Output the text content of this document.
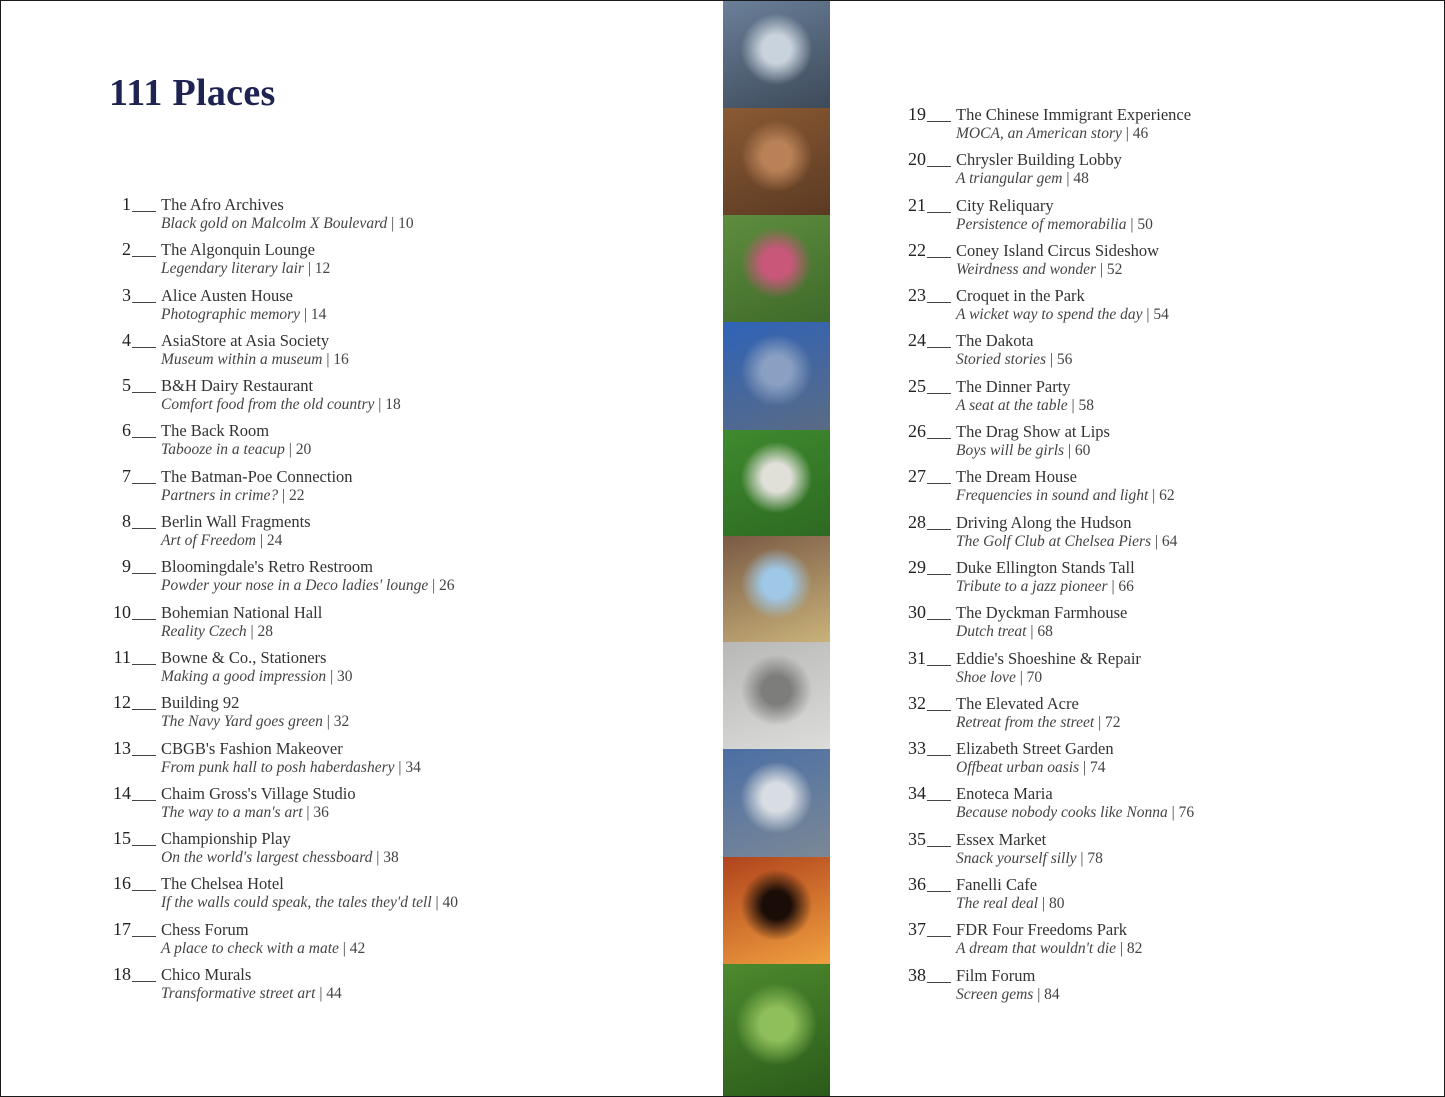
111 Places
1 The Afro Archives
Black gold on Malcolm X Boulevard | 10
2 The Algonquin Lounge
Legendary literary lair | 12
3 Alice Austen House
Photographic memory | 14
4 AsiaStore at Asia Society
Museum within a museum | 16
5 B&H Dairy Restaurant
Comfort food from the old country | 18
6 The Back Room
Tabooze in a teacup | 20
7 The Batman-Poe Connection
Partners in crime? | 22
8 Berlin Wall Fragments
Art of Freedom | 24
9 Bloomingdale's Retro Restroom
Powder your nose in a Deco ladies' lounge | 26
10 Bohemian National Hall
Reality Czech | 28
11 Bowne & Co., Stationers
Making a good impression | 30
12 Building 92
The Navy Yard goes green | 32
13 CBGB's Fashion Makeover
From punk hall to posh haberdashery | 34
14 Chaim Gross's Village Studio
The way to a man's art | 36
15 Championship Play
On the world's largest chessboard | 38
16 The Chelsea Hotel
If the walls could speak, the tales they'd tell | 40
17 Chess Forum
A place to check with a mate | 42
18 Chico Murals
Transformative street art | 44
19 The Chinese Immigrant Experience
MOCA, an American story | 46
20 Chrysler Building Lobby
A triangular gem | 48
21 City Reliquary
Persistence of memorabilia | 50
22 Coney Island Circus Sideshow
Weirdness and wonder | 52
23 Croquet in the Park
A wicket way to spend the day | 54
24 The Dakota
Storied stories | 56
25 The Dinner Party
A seat at the table | 58
26 The Drag Show at Lips
Boys will be girls | 60
27 The Dream House
Frequencies in sound and light | 62
28 Driving Along the Hudson
The Golf Club at Chelsea Piers | 64
29 Duke Ellington Stands Tall
Tribute to a jazz pioneer | 66
30 The Dyckman Farmhouse
Dutch treat | 68
31 Eddie's Shoeshine & Repair
Shoe love | 70
32 The Elevated Acre
Retreat from the street | 72
33 Elizabeth Street Garden
Offbeat urban oasis | 74
34 Enoteca Maria
Because nobody cooks like Nonna | 76
35 Essex Market
Snack yourself silly | 78
36 Fanelli Cafe
The real deal | 80
37 FDR Four Freedoms Park
A dream that wouldn't die | 82
38 Film Forum
Screen gems | 84
